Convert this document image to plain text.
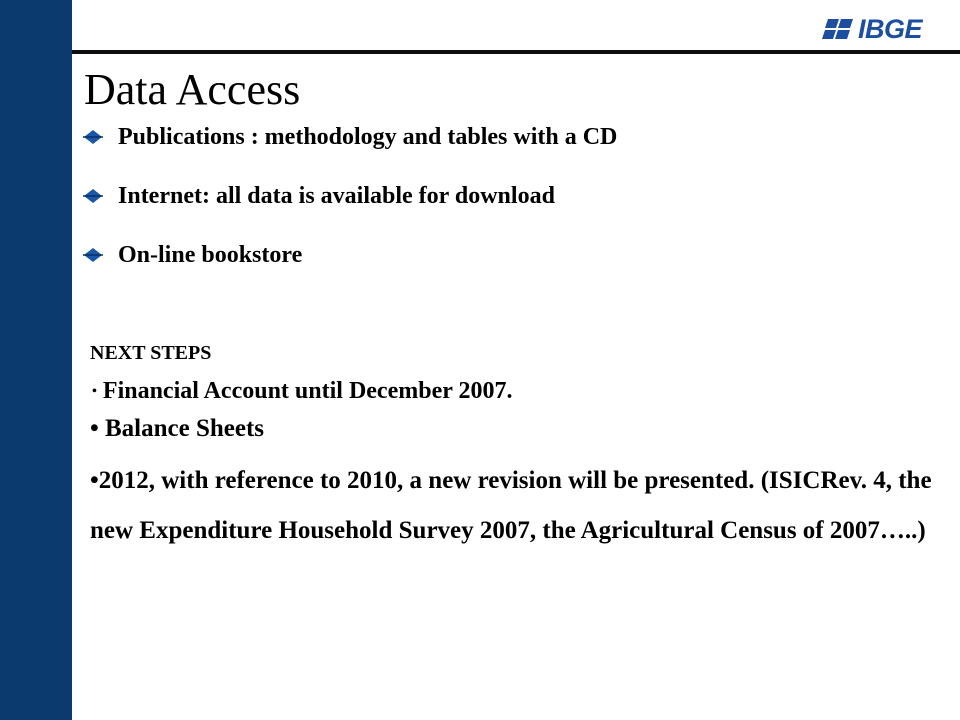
IBGE
Data Access
Publications : methodology and tables with a CD
Internet: all data is available for download
On-line bookstore

NEXT STEPS

• Financial Account until December 2007.

• Balance Sheets

•2012, with reference to 2010, a new revision will be presented. (ISICRev. 4, the new Expenditure Household Survey 2007, the Agricultural Census of 2007…..)
